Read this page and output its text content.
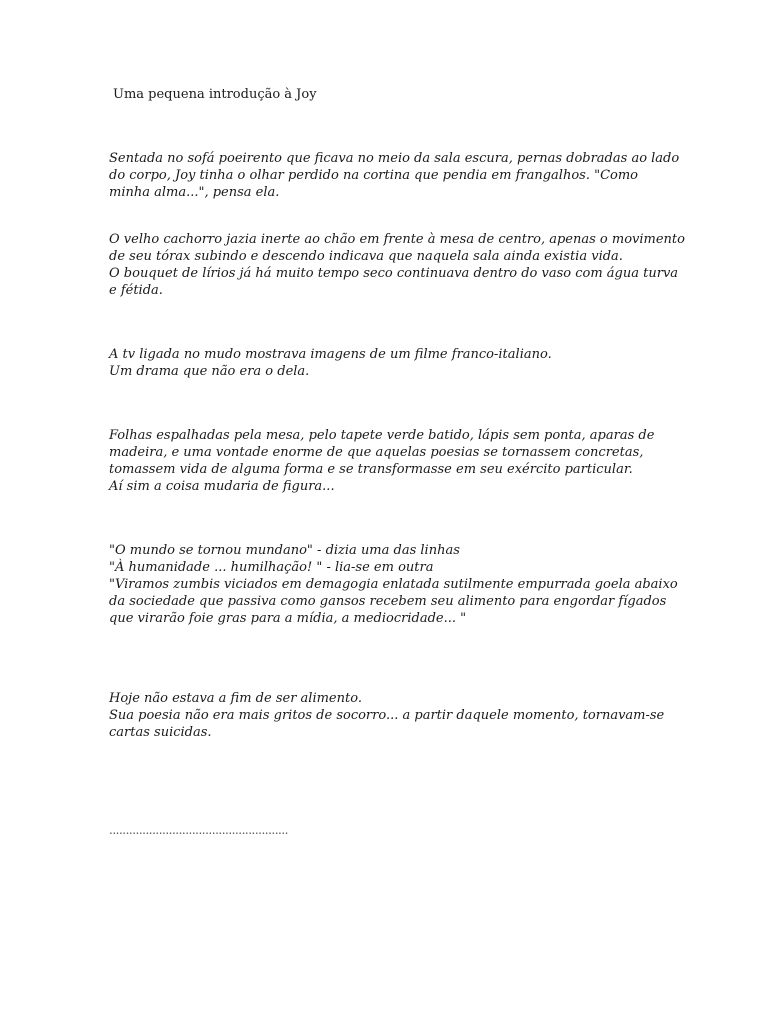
Uma pequena introdução à Joy

Sentada no sofá poeirento que ficava no meio da sala escura, pernas dobradas ao lado
do corpo, Joy tinha o olhar perdido na cortina que pendia em frangalhos. "Como
minha alma...", pensa ela.

O velho cachorro jazia inerte ao chão em frente à mesa de centro, apenas o movimento
de seu tórax subindo e descendo indicava que naquela sala ainda existia vida.
O bouquet de lírios já há muito tempo seco continuava dentro do vaso com água turva
e fétida.

A tv ligada no mudo mostrava imagens de um filme franco-italiano.
Um drama que não era o dela.

Folhas espalhadas pela mesa, pelo tapete verde batido, lápis sem ponta, aparas de
madeira, e uma vontade enorme de que aquelas poesias se tornassem concretas,
tomassem vida de alguma forma e se transformasse em seu exército particular.
Aí sim a coisa mudaria de figura...

"O mundo se tornou mundano" - dizia uma das linhas
"À humanidade ... humilhação! " - lia-se em outra
"Viramos zumbis viciados em demagogia enlatada sutilmente empurrada goela abaixo
da sociedade que passiva como gansos recebem seu alimento para engordar fígados
que virarão foie gras para a mídia, a mediocridade... "

Hoje não estava a fim de ser alimento.
Sua poesia não era mais gritos de socorro... a partir daquele momento, tornavam-se
cartas suicidas.

......................................................
